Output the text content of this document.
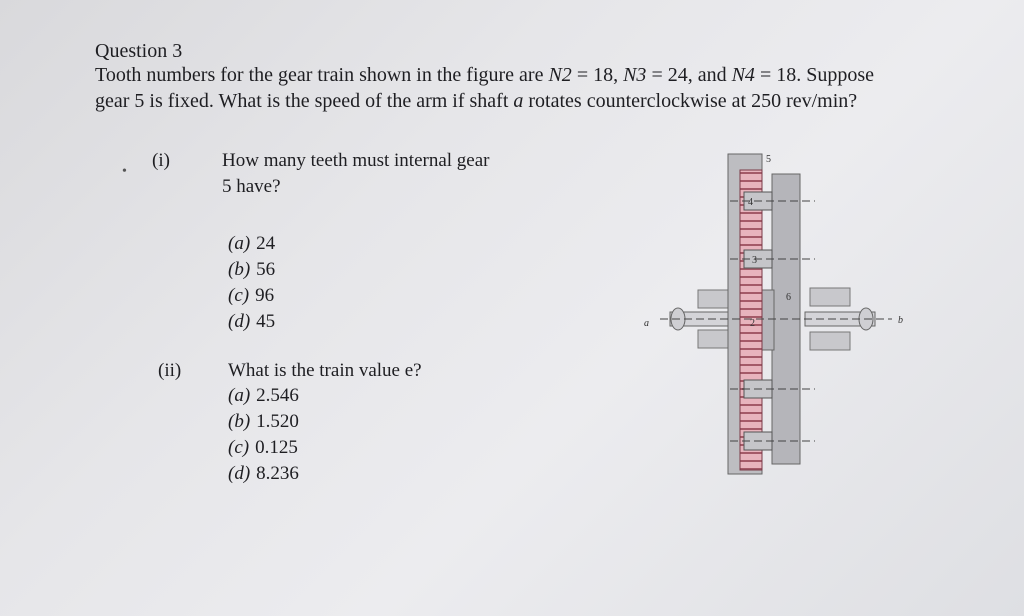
Question 3
Tooth numbers for the gear train shown in the figure are N2 = 18, N3 = 24, and N4 = 18. Suppose
gear 5 is fixed. What is the speed of the arm if shaft a rotates counterclockwise at 250 rev/min?
•
(i)	How many teeth must internal gear
5 have?
(a) 24
(b) 56
(c) 96
(d) 45
(ii) What is the train value e?
(a) 2.546
(b) 1.520
(c) 0.125
(d) 8.236
5
4
3
2
6
a	b
